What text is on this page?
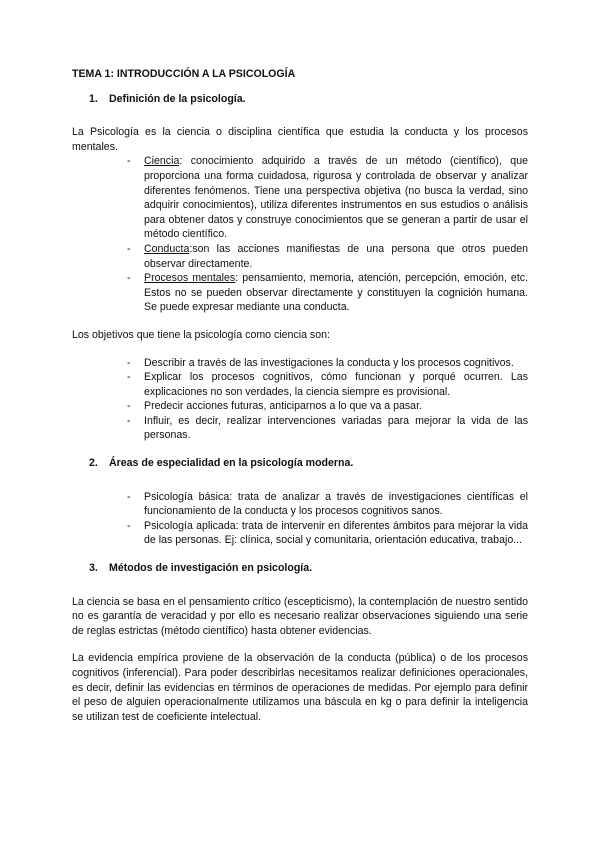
TEMA 1: INTRODUCCIÓN A LA PSICOLOGÍA
1. Definición de la psicología.

La Psicología es la ciencia o disciplina científica que estudia la conducta y los procesos mentales.

- Ciencia: conocimiento adquirido a través de un método (científico), que proporciona una forma cuidadosa, rigurosa y controlada de observar y analizar diferentes fenómenos. Tiene una perspectiva objetiva (no busca la verdad, sino adquirir conocimientos), utiliza diferentes instrumentos en sus estudios o análisis para obtener datos y construye conocimientos que se generan a partir de usar el método científico.
- Conducta:son las acciones manifiestas de una persona que otros pueden observar directamente.
- Procesos mentales: pensamiento, memoria, atención, percepción, emoción, etc. Estos no se pueden observar directamente y constituyen la cognición humana. Se puede expresar mediante una conducta.

Los objetivos que tiene la psicología como ciencia son:

- Describir a través de las investigaciones la conducta y los procesos cognitivos.
- Explicar los procesos cognitivos, cómo funcionan y porqué ocurren. Las explicaciones no son verdades, la ciencia siempre es provisional.
- Predecir acciones futuras, anticiparnos a lo que va a pasar.
- Influir, es decir, realizar intervenciones variadas para mejorar la vida de las personas.
2. Áreas de especialidad en la psicología moderna.
- Psicología básica: trata de analizar a través de investigaciones científicas el funcionamiento de la conducta y los procesos cognitivos sanos.
- Psicología aplicada: trata de intervenir en diferentes ámbitos para mejorar la vida de las personas. Ej: clínica, social y comunitaria, orientación educativa, trabajo...
3. Métodos de investigación en psicología.

La ciencia se basa en el pensamiento crítico (escepticismo), la contemplación de nuestro sentido no es garantía de veracidad y por ello es necesario realizar observaciones siguiendo una serie de reglas estrictas (método científico) hasta obtener evidencias.

La evidencia empírica proviene de la observación de la conducta (pública) o de los procesos cognitivos (inferencial). Para poder describirlas necesitamos realizar definiciones operacionales, es decir, definir las evidencias en términos de operaciones de medidas. Por ejemplo para definir el peso de alguien operacionalmente utilizamos una báscula en kg o para definir la inteligencia se utilizan test de coeficiente intelectual.
